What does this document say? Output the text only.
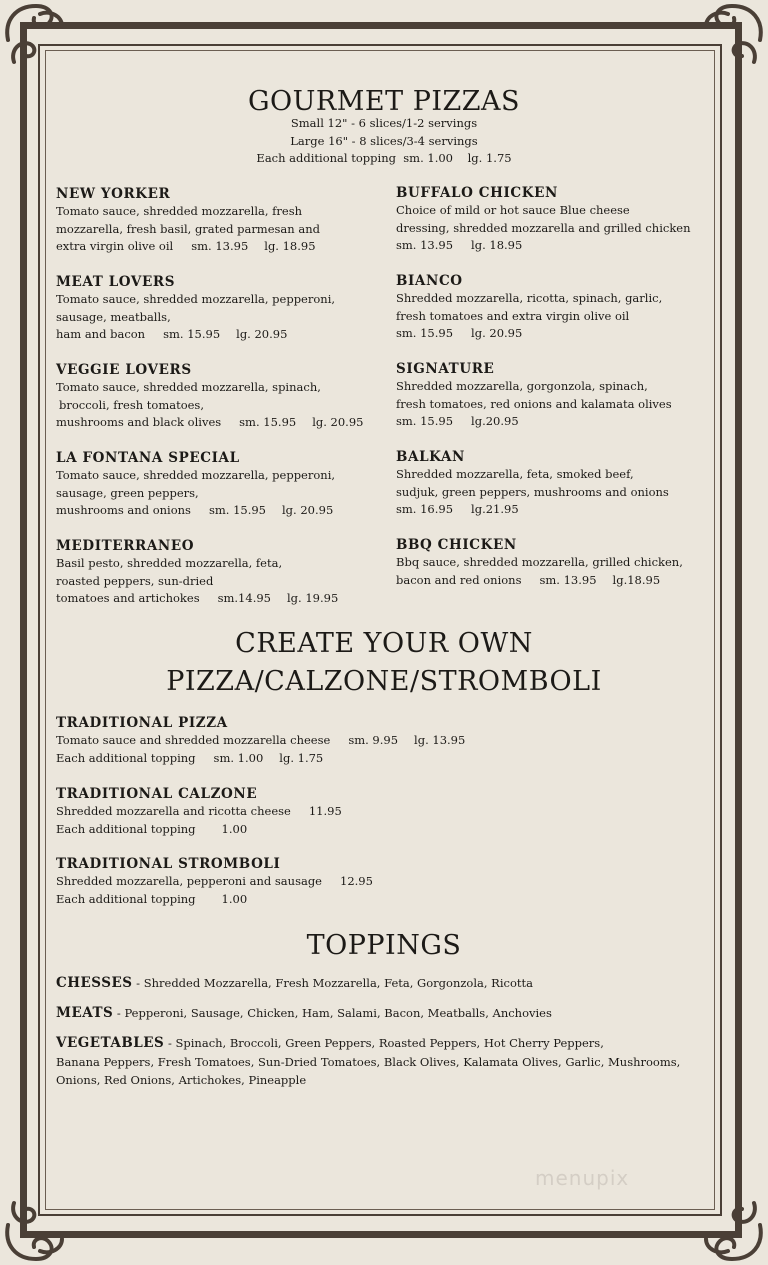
GOURMET PIZZAS
Small 12" - 6 slices/1-2 servings
Large 16" - 8 slices/3-4 servings
Each additional topping  sm. 1.00    lg. 1.75
NEW YORKER
Tomato sauce, shredded mozzarella, fresh
mozzarella, fresh basil, grated parmesan and
extra virgin olive oil sm. 13.95 lg. 18.95
MEAT LOVERS
Tomato sauce, shredded mozzarella, pepperoni,
sausage, meatballs,
ham and bacon sm. 15.95 lg. 20.95
VEGGIE LOVERS
Tomato sauce, shredded mozzarella, spinach,
broccoli, fresh tomatoes,
mushrooms and black olives sm. 15.95 lg. 20.95
LA FONTANA SPECIAL
Tomato sauce, shredded mozzarella, pepperoni,
sausage, green peppers,
mushrooms and onions sm. 15.95 lg. 20.95
MEDITERRANEO
Basil pesto, shredded mozzarella, feta,
roasted peppers, sun-dried
tomatoes and artichokes sm.14.95 lg. 19.95
BUFFALO CHICKEN
Choice of mild or hot sauce Blue cheese
dressing, shredded mozzarella and grilled chicken
sm. 13.95 lg. 18.95
BIANCO
Shredded mozzarella, ricotta, spinach, garlic,
fresh tomatoes and extra virgin olive oil
sm. 15.95 lg. 20.95
SIGNATURE
Shredded mozzarella, gorgonzola, spinach,
fresh tomatoes, red onions and kalamata olives
sm. 15.95 lg.20.95
BALKAN
Shredded mozzarella, feta, smoked beef,
sudjuk, green peppers, mushrooms and onions
sm. 16.95 lg.21.95
BBQ CHICKEN
Bbq sauce, shredded mozzarella, grilled chicken,
bacon and red onions sm. 13.95 lg.18.95
CREATE YOUR OWN
PIZZA/CALZONE/STROMBOLI
TRADITIONAL PIZZA
Tomato sauce and shredded mozzarella cheese sm. 9.95 lg. 13.95
Each additional topping sm. 1.00 lg. 1.75
TRADITIONAL CALZONE
Shredded mozzarella and ricotta cheese 11.95
Each additional topping 1.00
TRADITIONAL STROMBOLI
Shredded mozzarella, pepperoni and sausage 12.95
Each additional topping 1.00
TOPPINGS
CHESSES - Shredded Mozzarella, Fresh Mozzarella, Feta, Gorgonzola, Ricotta
MEATS - Pepperoni, Sausage, Chicken, Ham, Salami, Bacon, Meatballs, Anchovies
VEGETABLES - Spinach, Broccoli, Green Peppers, Roasted Peppers, Hot Cherry Peppers,
Banana Peppers, Fresh Tomatoes, Sun-Dried Tomatoes, Black Olives, Kalamata Olives, Garlic, Mushrooms,
Onions, Red Onions, Artichokes, Pineapple
menupix
